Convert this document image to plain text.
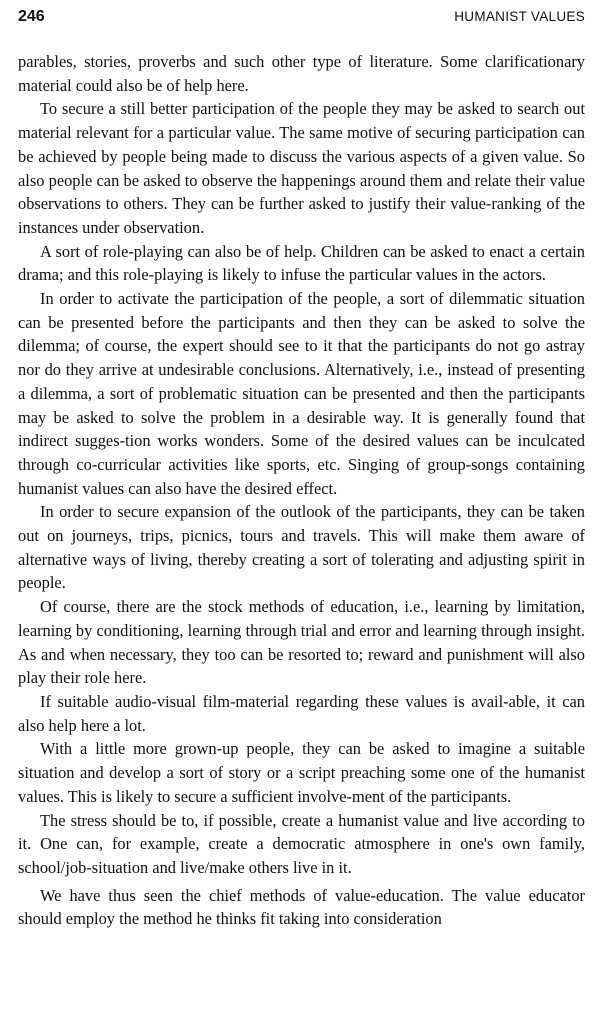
246	HUMANIST VALUES

parables, stories, proverbs and such other type of literature. Some clarificationary material could also be of help here.

To secure a still better participation of the people they may be asked to search out material relevant for a particular value. The same motive of securing participation can be achieved by people being made to discuss the various aspects of a given value. So also people can be asked to observe the happenings around them and relate their value observations to others. They can be further asked to justify their value-ranking of the instances under observation.

A sort of role-playing can also be of help. Children can be asked to enact a certain drama; and this role-playing is likely to infuse the particular values in the actors.

In order to activate the participation of the people, a sort of dilemmatic situation can be presented before the participants and then they can be asked to solve the dilemma; of course, the expert should see to it that the participants do not go astray nor do they arrive at undesirable conclusions. Alternatively, i.e., instead of presenting a dilemma, a sort of problematic situation can be presented and then the participants may be asked to solve the problem in a desirable way. It is generally found that indirect sugges-tion works wonders. Some of the desired values can be inculcated through co-curricular activities like sports, etc. Singing of group-songs containing humanist values can also have the desired effect.

In order to secure expansion of the outlook of the participants, they can be taken out on journeys, trips, picnics, tours and travels. This will make them aware of alternative ways of living, thereby creating a sort of tolerating and adjusting spirit in people.

Of course, there are the stock methods of education, i.e., learning by limitation, learning by conditioning, learning through trial and error and learning through insight. As and when necessary, they too can be resorted to; reward and punishment will also play their role here.

If suitable audio-visual film-material regarding these values is avail-able, it can also help here a lot.

With a little more grown-up people, they can be asked to imagine a suitable situation and develop a sort of story or a script preaching some one of the humanist values. This is likely to secure a sufficient involve-ment of the participants.

The stress should be to, if possible, create a humanist value and live according to it. One can, for example, create a democratic atmosphere in one's own family, school/job-situation and live/make others live in it.

We have thus seen the chief methods of value-education. The value educator should employ the method he thinks fit taking into consideration
